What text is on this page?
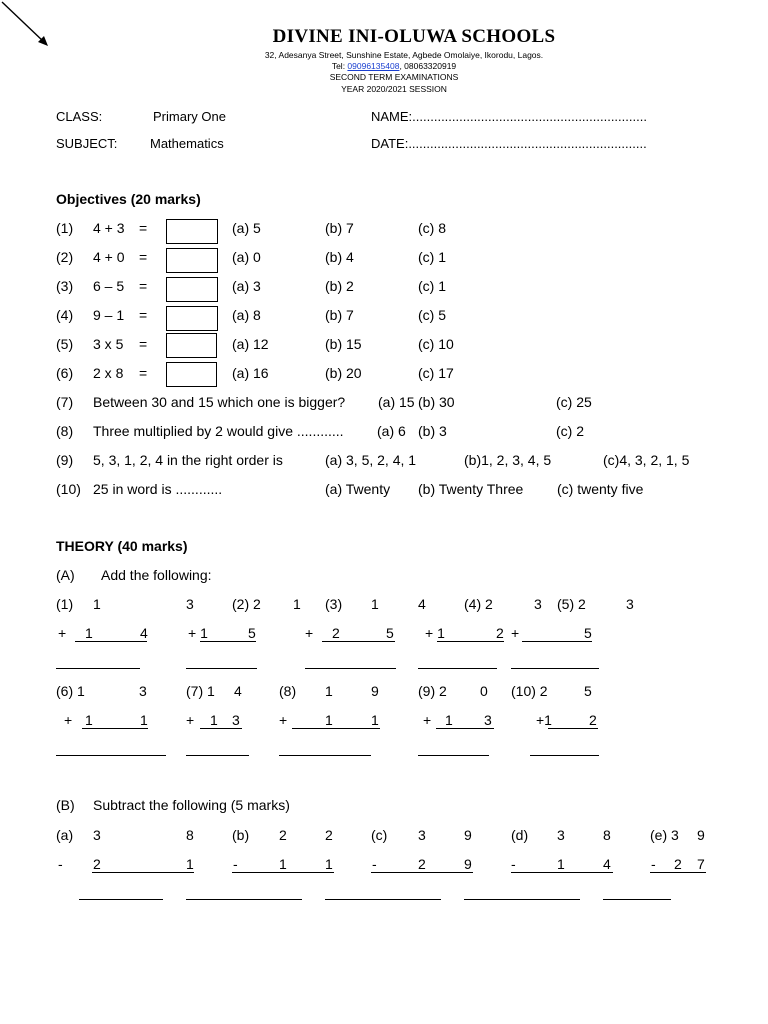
DIVINE INI-OLUWA SCHOOLS
32, Adesanya Street, Sunshine Estate, Agbede Omolaiye, Ikorodu, Lagos.
Tel: 09096135408, 08063320919
SECOND TERM EXAMINATIONS
YEAR 2020/2021 SESSION
CLASS:	Primary One	NAME:.................................................................
SUBJECT:	Mathematics	DATE:..................................................................
Objectives (20 marks)
(1) 4 + 3 =	(a) 5	(b) 7	(c) 8
(2) 4 + 0 =	(a) 0	(b) 4	(c) 1
(3) 6 – 5 =	(a) 3	(b) 2	(c) 1
(4) 9 – 1 =	(a) 8	(b) 7	(c) 5
(5) 3 x 5 =	(a) 12	(b) 15	(c) 10
(6) 2 x 8 =	(a) 16	(b) 20	(c) 17
(7) Between 30 and 15 which one is bigger? (a) 15 (b) 30	(c) 25
(8) Three multiplied by 2 would give ............ (a) 6 (b) 3	(c) 2
(9) 5, 3, 1, 2, 4 in the right order is	(a) 3, 5, 2, 4, 1	(b)1, 2, 3, 4, 5	(c)4, 3, 2, 1, 5
(10) 25 in word is ............	(a) Twenty (b) Twenty Three (c) twenty five
THEORY (40 marks)
(A) Add the following:
(1) 1	3	(2) 2 1 (3) 1	4	(4) 2	3 (5) 2	3
+ 1	4	+ 1	5	+ 2	5 + 1	2 +	5
(6) 1	3	(7) 1 4	(8) 1	9	(9) 2 0 (10) 2	5
+ 1	1	+ 1 3	+	1	1	+ 1 3	+1	2
(B) Subtract the following (5 marks)
(a) 3	8	(b) 2	2	(c) 3	9	(d) 3	8	(e) 3 9
- 2	1	-	1	1	-	2	9	-	1	4	- 2 7
